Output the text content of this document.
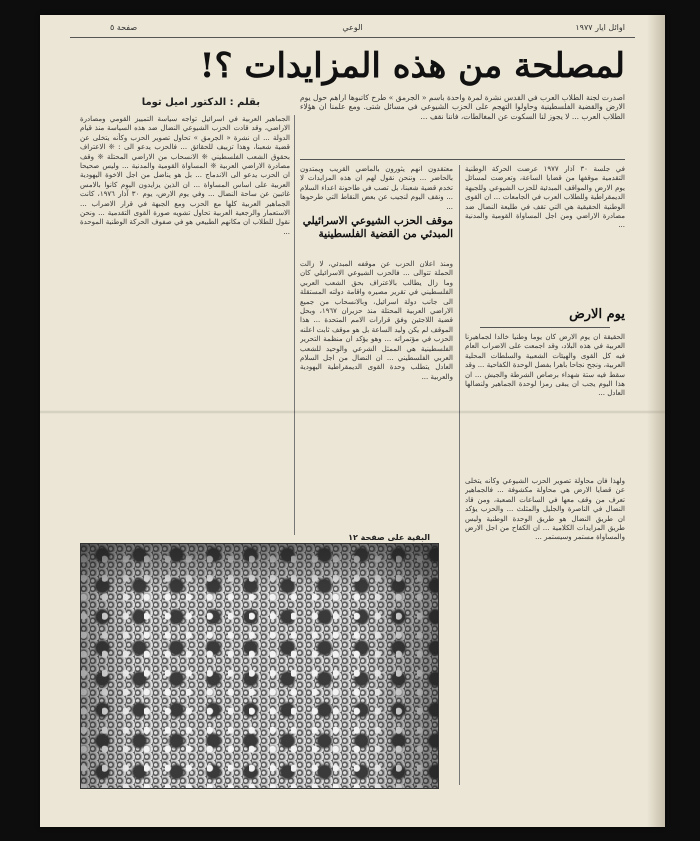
اوائل ايار ١٩٧٧
الوعي
صفحة ٥
لمصلحة من هذه المزايدات ؟!
بقلم : الدكتور اميل توما	اصدرت لجنة الطلاب العرب في القدس نشرة لمرة واحدة باسم « الجرمق » طرح كاتبوها اراهم حول يوم الارض والقضية الفلسطينية وحاولوا التهجم على الحزب الشيوعي في مسائل شتى. ومع علمنا ان هؤلاء الطلاب العرب ... لا يجوز لنا السكوت عن المغالطات، فاننا نقف ...
في جلسة ٣٠ آذار ١٩٧٧ عرضت الحركة الوطنية التقدمية موقفها من قضايا الساعة، وتعرضت لمسائل يوم الارض والمواقف المبدئية للحزب الشيوعي وللجبهة الديمقراطية وللطلاب العرب في الجامعات ... ان القوى الوطنية الحقيقية هي التي تقف في طليعة النضال ضد مصادرة الاراضي ومن اجل المساواة القومية والمدنية ...
يوم الارض
الحقيقة ان يوم الارض كان يوما وطنيا خالدا لجماهيرنا العربية في هذه البلاد، وقد اجمعت على الاضراب العام فيه كل القوى والهيئات الشعبية والسلطات المحلية العربية، ونجح نجاحا باهرا بفضل الوحدة الكفاحية ... وقد سقط فيه ستة شهداء برصاص الشرطة والجيش ... ان هذا اليوم يجب ان يبقى رمزا لوحدة الجماهير ولنضالها العادل ...
ولهذا فان محاولة تصوير الحزب الشيوعي وكأنه يتخلى عن قضايا الارض هي محاولة مكشوفة ... فالجماهير تعرف من وقف معها في الساعات الصعبة، ومن قاد النضال في الناصرة والجليل والمثلث ... والحزب يؤكد ان طريق النضال هو طريق الوحدة الوطنية وليس طريق المزايدات الكلامية ... ان الكفاح من اجل الارض والمساواة مستمر وسيستمر ...
معتقدون انهم يثورون بالماضي القريب ويمتدون بالحاضر ... وننحن نقول لهم ان هذه المزايدات لا تخدم قضية شعبنا، بل تصب في طاحونة اعداء السلام ... ونقف اليوم لنجيب عن بعض النقاط التي طرحوها ...
موقف الحزب الشيوعي الاسرائيلي المبدئي من القضية الفلسطينية
ومنذ اعلان الحزب عن موقفه المبدئي، لا زالت الحملة تتوالى ... فالحزب الشيوعي الاسرائيلي كان وما زال يطالب بالاعتراف بحق الشعب العربي الفلسطيني في تقرير مصيره واقامة دولته المستقلة الى جانب دولة اسرائيل، وبالانسحاب من جميع الاراضي العربية المحتلة منذ حزيران ١٩٦٧، وبحل قضية اللاجئين وفق قرارات الامم المتحدة ... هذا الموقف لم يكن وليد الساعة بل هو موقف ثابت اعلنه الحزب في مؤتمراته ... وهو يؤكد ان منظمة التحرير الفلسطينية هي الممثل الشرعي والوحيد للشعب العربي الفلسطيني ... ان النضال من اجل السلام العادل يتطلب وحدة القوى الديمقراطية اليهودية والعربية ...
الجماهير العربية في اسرائيل تواجه سياسة التمييز القومي ومصادرة الاراضي، وقد قادت الحزب الشيوعي النضال ضد هذه السياسة منذ قيام الدولة ... ان نشرة « الجرمق » تحاول تصوير الحزب وكأنه يتخلى عن قضية شعبنا، وهذا تزييف للحقائق ... فالحزب يدعو الى : ❊ الاعتراف بحقوق الشعب الفلسطيني ❊ الانسحاب من الاراضي المحتلة ❊ وقف مصادرة الاراضي العربية ❊ المساواة القومية والمدنية ... وليس صحيحا ان الحزب يدعو الى الاندماج ... بل هو يناضل من اجل الاخوة اليهودية العربية على اساس المساواة ... ان الذين يزايدون اليوم كانوا بالامس غائبين عن ساحة النضال ... وفي يوم الارض، يوم ٣٠ آذار ١٩٧٦، كانت الجماهير العربية كلها مع الحزب ومع الجبهة في قرار الاضراب ... الاستعمار والرجعية العربية تحاول تشويه صورة القوى التقدمية ... ونحن نقول للطلاب ان مكانهم الطبيعي هو في صفوف الحركة الوطنية الموحدة ...
البقية على صفحة ١٢
